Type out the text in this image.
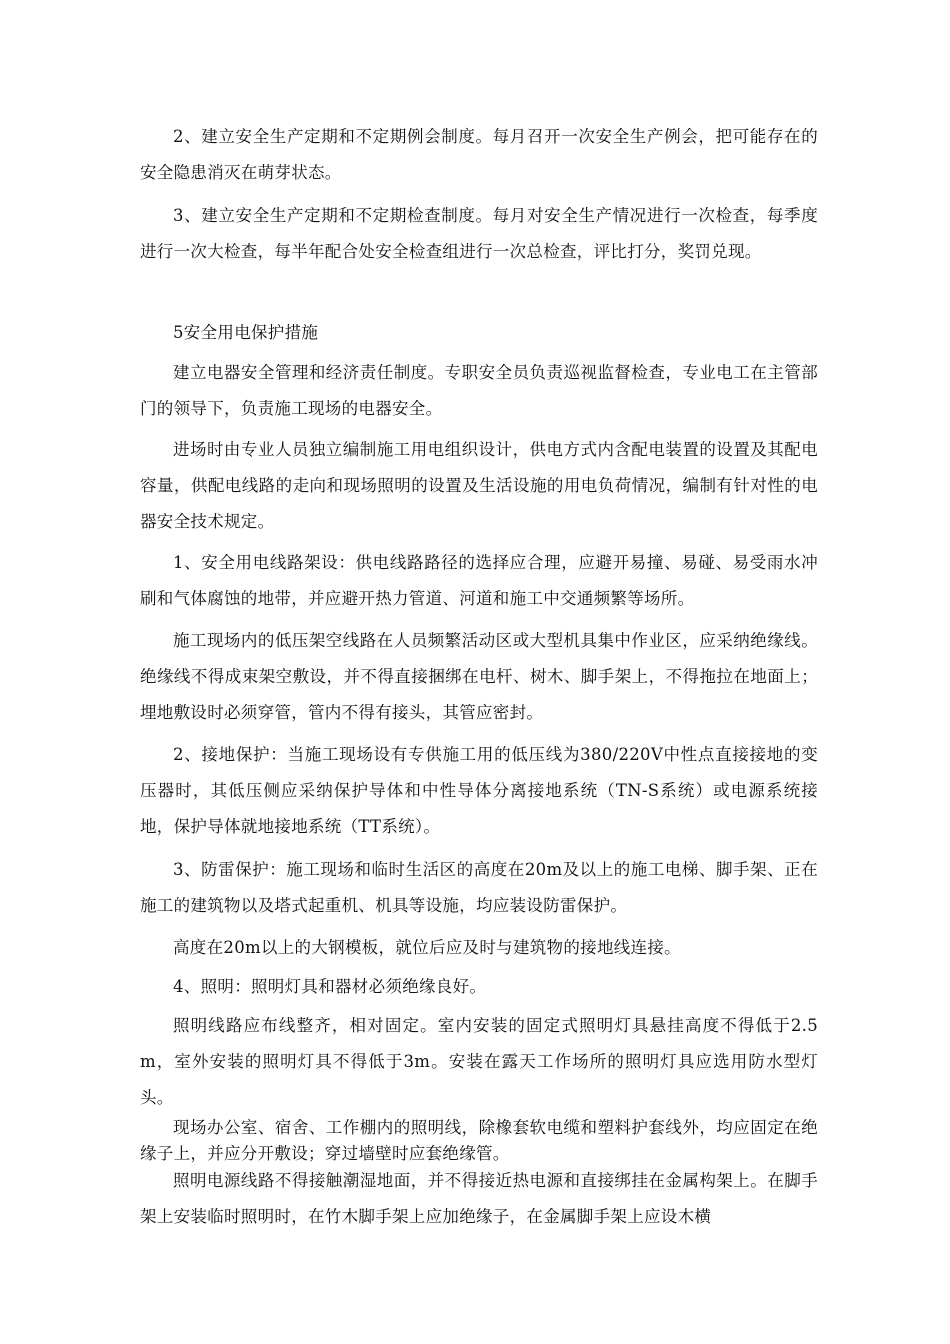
2、建立安全生产定期和不定期例会制度。每月召开一次安全生产例会，把可能存在的安全隐患消灭在萌芽状态。

3、建立安全生产定期和不定期检查制度。每月对安全生产情况进行一次检查，每季度进行一次大检查，每半年配合处安全检查组进行一次总检查，评比打分，奖罚兑现。

5安全用电保护措施

建立电器安全管理和经济责任制度。专职安全员负责巡视监督检查，专业电工在主管部门的领导下，负责施工现场的电器安全。

进场时由专业人员独立编制施工用电组织设计，供电方式内含配电装置的设置及其配电容量，供配电线路的走向和现场照明的设置及生活设施的用电负荷情况，编制有针对性的电器安全技术规定。

1、安全用电线路架设：供电线路路径的选择应合理，应避开易撞、易碰、易受雨水冲刷和气体腐蚀的地带，并应避开热力管道、河道和施工中交通频繁等场所。

施工现场内的低压架空线路在人员频繁活动区或大型机具集中作业区，应采纳绝缘线。绝缘线不得成束架空敷设，并不得直接捆绑在电杆、树木、脚手架上，不得拖拉在地面上；埋地敷设时必须穿管，管内不得有接头，其管应密封。

2、接地保护：当施工现场设有专供施工用的低压线为380/220V中性点直接接地的变压器时，其低压侧应采纳保护导体和中性导体分离接地系统（TN-S系统）或电源系统接地，保护导体就地接地系统（TT系统）。

3、防雷保护：施工现场和临时生活区的高度在20m及以上的施工电梯、脚手架、正在施工的建筑物以及塔式起重机、机具等设施，均应装设防雷保护。

高度在20m以上的大钢模板，就位后应及时与建筑物的接地线连接。

4、照明：照明灯具和器材必须绝缘良好。

照明线路应布线整齐，相对固定。室内安装的固定式照明灯具悬挂高度不得低于2.5m，室外安装的照明灯具不得低于3m。安装在露天工作场所的照明灯具应选用防水型灯头。

现场办公室、宿舍、工作棚内的照明线，除橡套软电缆和塑料护套线外，均应固定在绝缘子上，并应分开敷设；穿过墙壁时应套绝缘管。

照明电源线路不得接触潮湿地面，并不得接近热电源和直接绑挂在金属构架上。在脚手架上安装临时照明时，在竹木脚手架上应加绝缘子，在金属脚手架上应设木横
